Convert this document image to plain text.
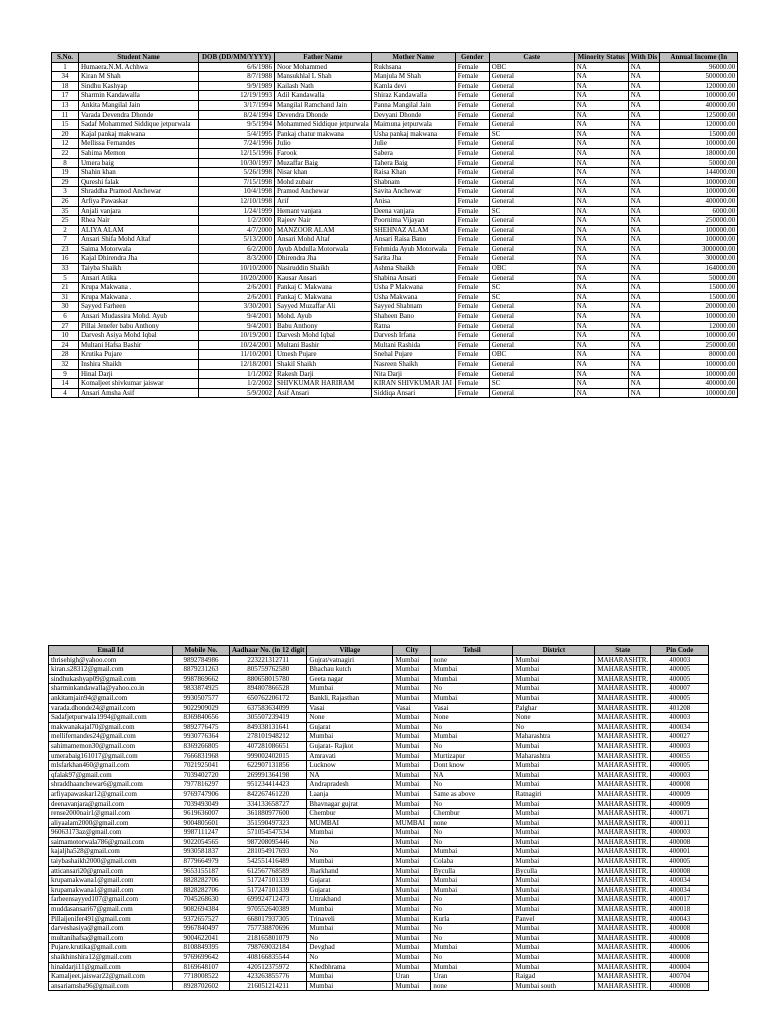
S.No.	Student Name	DOB (DD/MM/YYYY)	Father Name	Mother Name	Gender	Caste	Minority Status	With Dis	Annual Income (In
1	Humaera.N.M. Achhwa	6/6/1986	Noor Mohammed	Rukhsana	Female	OBC	NA	NA	96000.00
34	Kiran M Shah	8/7/1988	Mansukhlal L Shah	Manjula M Shah	Female	General	NA	NA	500000.00
18	Sindhu Kashyap	9/9/1989	Kailash Nath	Kamla devi	Female	General	NA	NA	120000.00
17	Sharmin Kandawalla	12/19/1993	Adil Kandawalla	Shiraz Kandawalla	Female	General	NA	NA	100000.00
13	Ankita Mangilal Jain	3/17/1994	Mangilal Ramchand Jain	Panna Mangilal Jain	Female	General	NA	NA	400000.00
11	Varada Devendra Dhonde	8/24/1994	Devendra Dhonde	Devyani Dhonde	Female	General	NA	NA	125000.00
15	Sadaf Mohammed Siddique jetpurwala	9/5/1994	Mohammed Siddique jetpurwala	Maimuna jetpurwala	Female	General	NA	NA	120000.00
20	Kajal pankaj makwana	5/4/1995	Pankaj chatur makwana	Usha pankaj makwana	Female	SC	NA	NA	15000.00
12	Mellissa Fernandes	7/24/1996	Julio	Julie	Female	General	NA	NA	100000.00
22	Sahima Memon	12/15/1996	Farook	Sabera	Female	General	NA	NA	180000.00
8	Umera baig	10/30/1997	Muzaffar Baig	Tahera Baig	Female	General	NA	NA	50000.00
19	Shahin khan	5/26/1998	Nisar khan	Raisa Khan	Female	General	NA	NA	144000.00
29	Qureshi falak	7/15/1998	Mohd zubair	Shabnam	Female	General	NA	NA	100000.00
3	Shraddha Pramod Anchewar	10/4/1998	Pramod Anchewar	Savita Anchewar	Female	General	NA	NA	100000.00
26	Arfiya Pawaskar	12/10/1998	Arif	Anisa	Female	General	NA	NA	400000.00
35	Anjali vanjara	1/24/1999	Hemant vanjara	Deena vanjara	Female	SC	NA	NA	6000.00
25	Rhea Nair	1/2/2000	Rajeev Nair	Poornima Vijayan	Female	General	NA	NA	250000.00
2	ALIYA ALAM	4/7/2000	MANZOOR ALAM	SHEHNAZ ALAM	Female	General	NA	NA	100000.00
7	Ansari Shifa Mohd Altaf	5/13/2000	Ansari Mohd Altaf	Ansari Raisa Bano	Female	General	NA	NA	100000.00
23	Saima Motorwala	6/2/2000	Ayub Abdulla Motorwala	Fehmida Ayub Motorwala	Female	General	NA	NA	3000000.00
16	Kajal Dhirendra Jha	8/3/2000	Dhirendra Jha	Sarita Jha	Female	General	NA	NA	300000.00
33	Taiyba Shaikh	10/10/2000	Nasiruddin Shaikh	Ashma Shaikh	Female	OBC	NA	NA	164000.00
5	Ansari Atika	10/20/2000	Kausar Ansari	Shabina Ansari	Female	General	NA	NA	50000.00
21	Krupa Makwana .	2/6/2001	Pankaj C Makwana	Usha P Makwana	Female	SC	NA	NA	15000.00
31	Krupa Makwana .	2/6/2001	Pankaj C Makwana	Usha Makwana	Female	SC	NA	NA	15000.00
30	Sayyed Farheen	3/30/2001	Sayyed Muzaffar Ali	Sayyed Shabnam	Female	General	NA	NA	200000.00
6	Ansari Mudassira Mohd. Ayub	9/4/2001	Mohd. Ayub	Shaheen Bano	Female	General	NA	NA	100000.00
27	Pillai Jenefer babu Anthony	9/4/2001	Babu Anthony	Ratna	Female	General	NA	NA	12000.00
10	Darvesh Asiya Mohd Iqbal	10/19/2001	Darvesh Mohd Iqbal	Darvesh Irfana	Female	General	NA	NA	100000.00
24	Multani Hafsa Bashir	10/24/2001	Multani Bashir	Multani Rashida	Female	General	NA	NA	250000.00
28	Krutika Pujare	11/10/2001	Umesh Pujare	Snehal Pujare	Female	OBC	NA	NA	80000.00
32	Inshira Shaikh	12/18/2001	Shakil Shaikh	Nasreen Shaikh	Female	General	NA	NA	100000.00
9	Hinal Darji	1/1/2002	Rakesh Darji	Nita Darji	Female	General	NA	NA	100000.00
14	Komaljeet shivkumar jaiswar	1/2/2002	SHIVKUMAR HARIRAM	KIRAN SHIVKUMAR JAI	Female	SC	NA	NA	400000.00
4	Ansari Amsha Asif	5/9/2002	Asif Ansari	Siddiqa Ansari	Female	General	NA	NA	100000.00
Email Id	Mobile No.	Aadhaar No. (in 12 digit	Village	City	Tehsil	District	State	Pin Code
thrisehigh@yahoo.com	9892784986	223221312711	Gujrat/vatnagiri	Mumbai	none	Mumbai	MAHARASHTR.	400003
kiran.s28312@gmail.com	8879231263	805759762580	Bhachau kutch	Mumbai	Mumbai	Mumbai	MAHARASHTR.	400005
sindhukashyap09@gmail.com	9987869662	880658015780	Geeta nagar	Mumbai	Mumbai	Mumbai	MAHARASHTR.	400005
sharminkandawalla@yahoo.co.in	9833874925	894807866528	Mumbai	Mumbai	No	Mumbai	MAHARASHTR.	400007
ankitamjain94@gmail.com	9930507577	650762206172	Bankli, Rajasthan	Mumbai	Mumbai	Mumbai	MAHARASHTR.	400005
varada.dhonde24@gmail.com	9022909029	637583634099	Vasai	Vasai	Vasai	Palghar	MAHARASHTR.	401208
Sadafjetpurwala1994@gmail.com	8369840656	305507239419	None	Mumbai	None	None	MAHARASHTR.	400003
makwanakajal70@gmail.com	9892776475	849338131641	Gujarat	Mumbai	No	No	MAHARASHTR.	400034
mellifernandes24@gmail.com	9930776364	278101948212	Mumbai	Mumbai	Mumbai	Maharashtra	MAHARASHTR.	400027
sahimamemon30@gmail.com	8369266805	407281086651	Gujarat- Rajkot	Mumbai	No	Mumbai	MAHARASHTR.	400003
umerabaig161017@gmail.com	7666831968	999002402015	Amravati	Mumbai	Murtizapur	Maharashtra	MAHARASHTR.	400055
mlsfarkhan460@gmail.com	7021925041	622907131856	Lucknow	Mumbai	Dont know	Mumbai	MAHARASHTR.	400005
qfalak97@gmail.com	7039402720	269991364198	NA	Mumbai	NA	Mumbai	MAHARASHTR.	400003
shraddhaanchewar6@gmail.com	7977816297	951234414423	Andrapradesh	Mumbai	No	Mumbai	MAHARASHTR.	400008
arfiyapawaskar12@gmail.com	9769747906	842267461220	Laanja	Mumbai	Same as above	Ratnagiri	MAHARASHTR.	400009
deenavanjara@gmail.com	7039493049	334133658727	Bhavnagar gujrat	Mumbai	No	Mumbai	MAHARASHTR.	400009
rense2000nair1@gmail.com	9619636007	361880977600	Chembur	Mumbai	Chembur	Mumbai	MAHARASHTR.	400071
aliyaalam2000@gmail.com	9004805601	351590497323	MUMBAI	MUMBAI	none	Mumbai	MAHARASHTR.	400011
96063173az@gmail.com	9987111247	571054547534	Mumbai	Mumbai	No	Mumbai	MAHARASHTR.	400003
saimamotorwala786@gmail.com	9022054565	987208095446	No	Mumbai	No	Mumbai	MAHARASHTR.	400008
kajaljha528@gmail.com	9930581837	281054917693	No	Mumbai	Mumbai	Mumbai	MAHARASHTR.	400001
taiybashaikh2000@gmail.com	8779664979	542551416489	Mumbai	Mumbai	Colaba	Mumbai	MAHARASHTR.	400005
atticansari20@gmail.com	9653155187	612567768589	Jharkhand	Mumbai	Byculla	Byculla	MAHARASHTR.	400008
krupamakwana1@gmail.com	8828282706	517247101339	Gujarat	Mumbai	Mumbai	Mumbai	MAHARASHTR.	400034
krupamakwana1@gmail.com	8828282706	517247101339	Gujarat	Mumbai	Mumbai	Mumbai	MAHARASHTR.	400034
farheensayyed107@gmail.com	7045268630	699924712473	Uttrakhand	Mumbai	No	Mumbai	MAHARASHTR.	400017
muddasansari67@gmail.com	9082694384	970552640389	Mumbai	Mumbai	No	Mumbai	MAHARASHTR.	400018
Pillaijenifer491@gmail.com	9372657527	668017937305	Trinaveli	Mumbai	Kurla	Panvel	MAHARASHTR.	400043
darveshasiya@gmail.com	9967840497	757738870696	Mumbai	Mumbai	No	Mumbai	MAHARASHTR.	400008
multanihafsa@gmail.com	9004622041	218165801079	No	Mumbai	No	Mumbai	MAHARASHTR.	400008
Pujare.krutika@gmail.com	8108849395	798769032184	Devghad	Mumbai	Mumbai	Mumbai	MAHARASHTR.	400006
shaikhinshira12@gmail.com	9769699642	408166835544	No	Mumbai	No	Mumbai	MAHARASHTR.	400008
hinaldarji11@gmail.com	8169648107	420512375972	Khedbhrama	Mumbai	Mumbai	Mumbai	MAHARASHTR.	400004
Kamaljeet.jaiswar22@gmail.com	7718008522	423263855776	Mumbai	Uran	Uran	Raigad	MAHARASHTR.	400704
ansariamsha96@gmail.com	8928702602	216051214211	Mumbai	Mumbai	none	Mumbai south	MAHARASHTR.	400008
